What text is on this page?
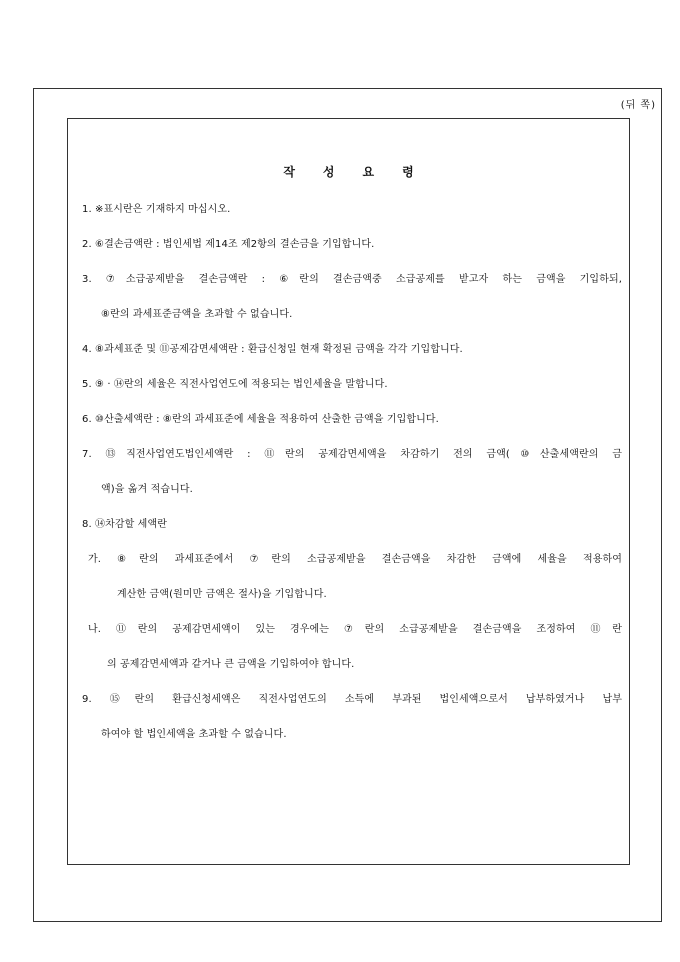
(뒤 쪽)
작성요령
1. ※표시란은 기재하지 마십시오.
2. ⑥결손금액란 : 법인세법 제14조 제2항의 결손금을 기입합니다.
3. ⑦소급공제받을 결손금액란 : ⑥란의 결손금액중 소급공제를 받고자 하는 금액을 기입하되,
⑧란의 과세표준금액을 초과할 수 없습니다.
4. ⑧과세표준 및 ⑪공제감면세액란 : 환급신청일 현재 확정된 금액을 각각 기입합니다.
5. ⑨ · ⑭란의 세율은 직전사업연도에 적용되는 법인세율을 말합니다.
6. ⑩산출세액란 : ⑧란의 과세표준에 세율을 적용하여 산출한 금액을 기입합니다.
7. ⑬직전사업연도법인세액란 : ⑪란의 공제감면세액을 차감하기 전의 금액(⑩산출세액란의 금
액)을 옮겨 적습니다.
8. ⑭차감할 세액란
가. ⑧란의 과세표준에서 ⑦란의 소급공제받을 결손금액을 차감한 금액에 세율을 적용하여
계산한 금액(원미만 금액은 절사)을 기입합니다.
나. ⑪란의 공제감면세액이 있는 경우에는 ⑦란의 소급공제받을 결손금액을 조정하여 ⑪란
의 공제감면세액과 같거나 큰 금액을 기입하여야 합니다.
9. ⑮란의 환급신청세액은 직전사업연도의 소득에 부과된 법인세액으로서 납부하였거나 납부
하여야 할 법인세액을 초과할 수 없습니다.
